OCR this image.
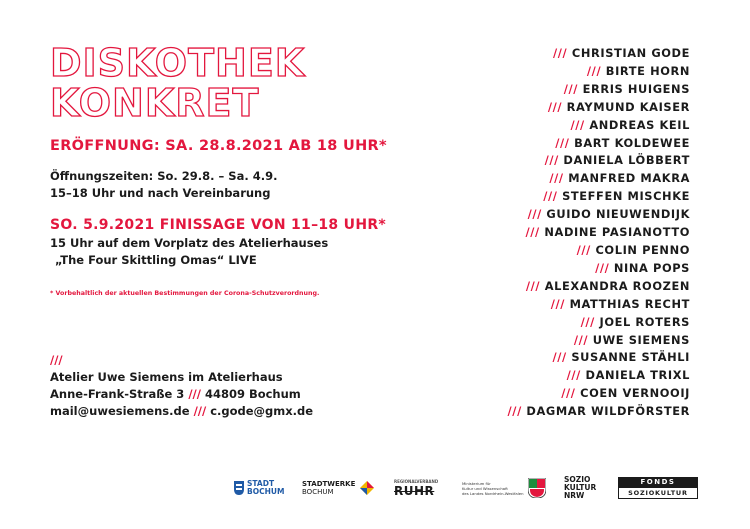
DISKOTHEK
KONKRET
ERÖFFNUNG: SA. 28.8.2021 AB 18 UHR*
Öffnungszeiten: So. 29.8. – Sa. 4.9.
15–18 Uhr und nach Vereinbarung
SO. 5.9.2021 FINISSAGE VON 11–18 UHR*
15 Uhr auf dem Vorplatz des Atelierhauses
„The Four Skittling Omas“ LIVE
* Vorbehaltlich der aktuellen Bestimmungen der Corona-Schutzverordnung.
///
Atelier Uwe Siemens im Atelierhaus
Anne-Frank-Straße 3 /// 44809 Bochum
mail@uwesiemens.de /// c.gode@gmx.de
/// CHRISTIAN GODE
/// BIRTE HORN
/// ERRIS HUIGENS
/// RAYMUND KAISER
/// ANDREAS KEIL
/// BART KOLDEWEE
/// DANIELA LÖBBERT
/// MANFRED MAKRA
/// STEFFEN MISCHKE
/// GUIDO NIEUWENDIJK
/// NADINE PASIANOTTO
/// COLIN PENNO
/// NINA POPS
/// ALEXANDRA ROOZEN
/// MATTHIAS RECHT
/// JOEL ROTERS
/// UWE SIEMENS
/// SUSANNE STÄHLI
/// DANIELA TRIXL
/// COEN VERNOOIJ
/// DAGMAR WILDFÖRSTER
STADT
BOCHUM
STADTWERKE
BOCHUM
REGIONALVERBAND
RUHR
Ministerium für
Kultur und Wissenschaft
des Landes Nordrhein-Westfalen
SOZIO
KULTUR
NRW
FONDS
SOZIOKULTUR
